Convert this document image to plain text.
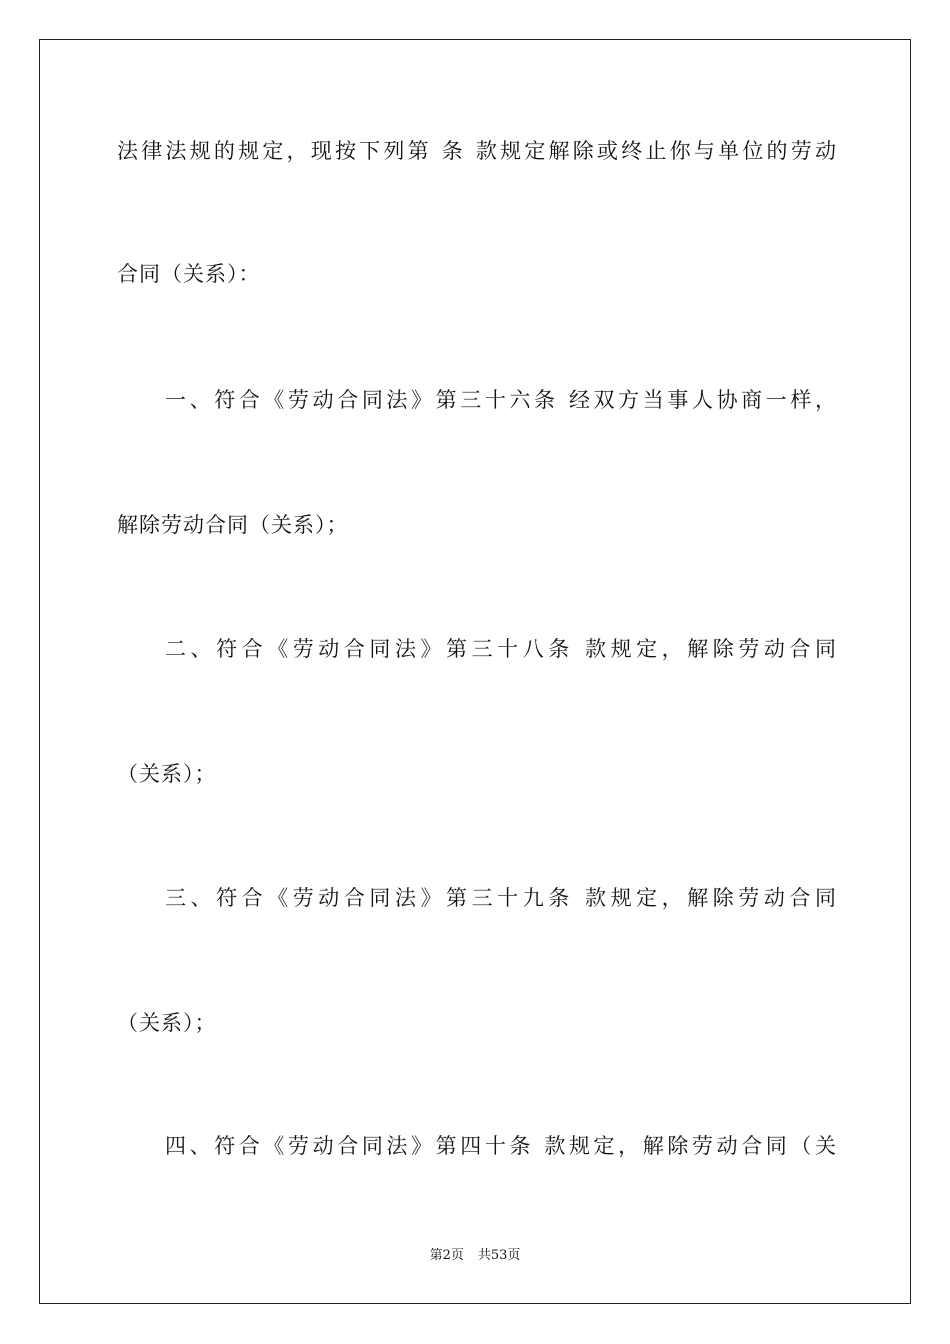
法律法规的规定，现按下列第 条 款规定解除或终止你与单位的劳动
合同（关系）：
一、符合《劳动合同法》第三十六条 经双方当事人协商一样，
解除劳动合同（关系）；
二、符合《劳动合同法》第三十八条 款规定，解除劳动合同
（关系）；
三、符合《劳动合同法》第三十九条 款规定，解除劳动合同
（关系）；
四、符合《劳动合同法》第四十条 款规定，解除劳动合同（关
第2页 共53页
